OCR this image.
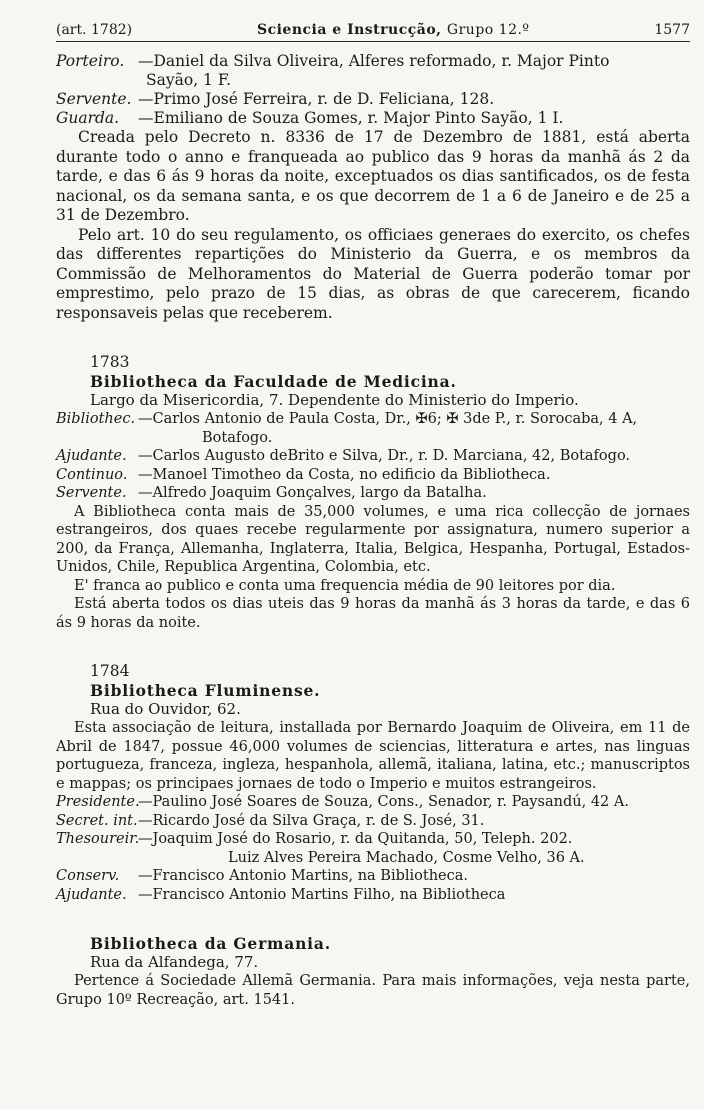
(art. 1782)	Sciencia e Instrucção, Grupo 12.º	1577
Porteiro. —Daniel da Silva Oliveira, Alferes reformado, r. Major Pinto
Sayão, 1 F.
Servente. —Primo José Ferreira, r. de D. Feliciana, 128.
Guarda.	—Emiliano de Souza Gomes, r. Major Pinto Sayão, 1 I.

Creada pelo Decreto n. 8336 de 17 de Dezembro de 1881, está aberta durante todo o anno e franqueada ao publico das 9 horas da manhã ás 2 da tarde, e das 6 ás 9 horas da noite, exceptuados os dias santificados, os de festa nacional, os da semana santa, e os que decorrem de 1 a 6 de Janeiro e de 25 a 31 de Dezembro.

Pelo art. 10 do seu regulamento, os officiaes generaes do exercito, os chefes das differentes repartições do Ministerio da Guerra, e os membros da Commissão de Melhoramentos do Material de Guerra poderão tomar por emprestimo, pelo prazo de 15 dias, as obras de que carecerem, ficando responsaveis pelas que receberem.

1783
Bibliotheca da Faculdade de Medicina.
Largo da Misericordia, 7. Dependente do Ministerio do Imperio.
Bibliothec. —Carlos Antonio de Paula Costa, Dr., ✠6; ✠ 3de P., r. Sorocaba, 4 A,
Botafogo.
Ajudante. —Carlos Augusto deBrito e Silva, Dr., r. D. Marciana, 42, Botafogo.
Continuo. —Manoel Timotheo da Costa, no edificio da Bibliotheca.
Servente. —Alfredo Joaquim Gonçalves, largo da Batalha.

A Bibliotheca conta mais de 35,000 volumes, e uma rica collecção de jornaes estrangeiros, dos quaes recebe regularmente por assignatura, numero superior a 200, da França, Allemanha, Inglaterra, Italia, Belgica, Hespanha, Portugal, Estados-Unidos, Chile, Republica Argentina, Colombia, etc.

E' franca ao publico e conta uma frequencia média de 90 leitores por dia.

Está aberta todos os dias uteis das 9 horas da manhã ás 3 horas da tarde, e das 6 ás 9 horas da noite.

1784
Bibliotheca Fluminense.
Rua do Ouvidor, 62.

Esta associação de leitura, installada por Bernardo Joaquim de Oliveira, em 11 de Abril de 1847, possue 46,000 volumes de sciencias, litteratura e artes, nas linguas portugueza, franceza, ingleza, hespanhola, allemã, italiana, latina, etc.; manuscriptos e mappas; os principaes jornaes de todo o Imperio e muitos estrangeiros.

Presidente.
—Paulino José Soares de Souza, Cons., Senador, r. Paysandú, 42 A.
Secret. int. —Ricardo José da Silva Graça, r. de S. José, 31.
Thesoureir.
—Joaquim José do Rosario, r. da Quitanda, 50, Teleph. 202.
Luiz Alves Pereira Machado, Cosme Velho, 36 A.
Conserv.	—Francisco Antonio Martins, na Bibliotheca.
Ajudante. —Francisco Antonio Martins Filho, na Bibliotheca
Bibliotheca da Germania.
Rua da Alfandega, 77.

Pertence á Sociedade Allemã Germania. Para mais informações, veja nesta parte, Grupo 10º Recreação, art. 1541.
